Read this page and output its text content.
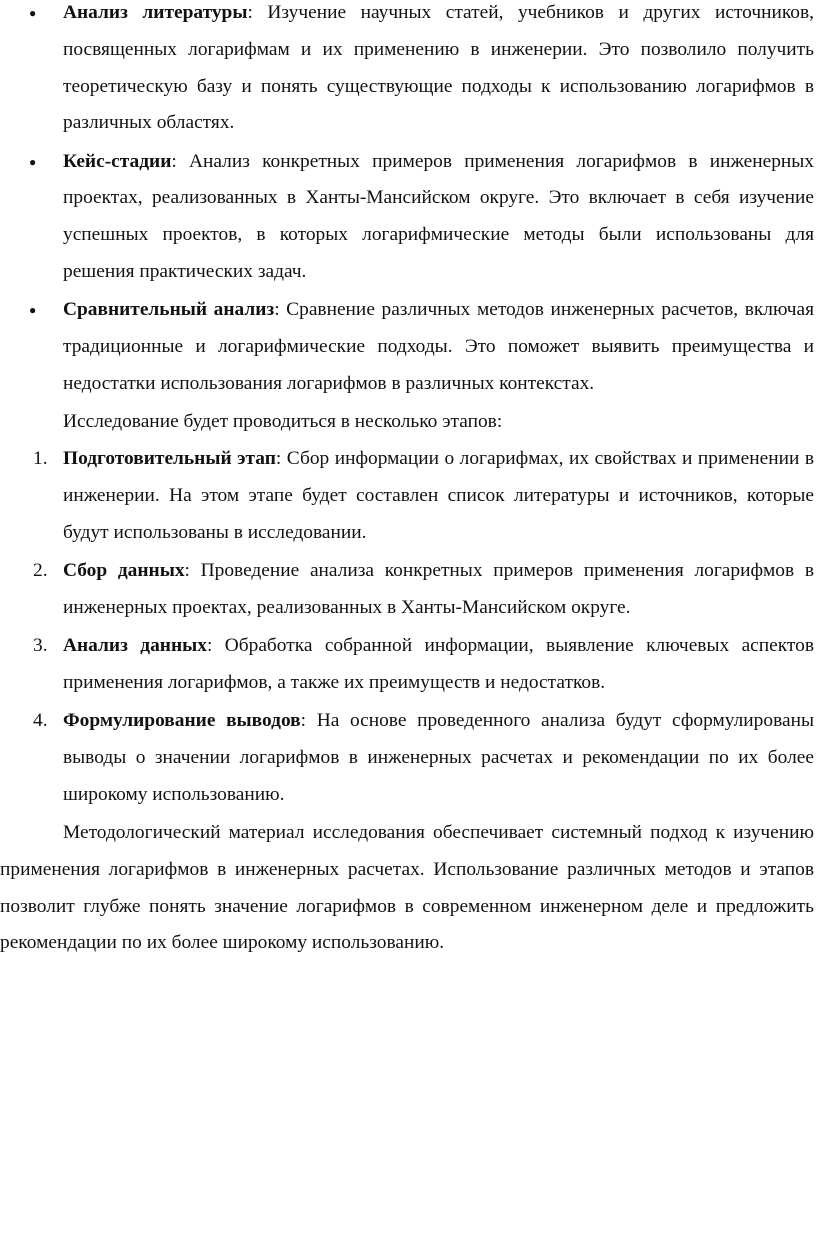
● Анализ литературы: Изучение научных статей, учебников и других источников, посвященных логарифмам и их применению в инженерии. Это позволило получить теоретическую базу и понять существующие подходы к использованию логарифмов в различных областях.
● Кейс-стадии: Анализ конкретных примеров применения логарифмов в инженерных проектах, реализованных в Ханты-Мансийском округе. Это включает в себя изучение успешных проектов, в которых логарифмические методы были использованы для решения практических задач.
● Сравнительный анализ: Сравнение различных методов инженерных расчетов, включая традиционные и логарифмические подходы. Это поможет выявить преимущества и недостатки использования логарифмов в различных контекстах.

Исследование будет проводиться в несколько этапов:

1. Подготовительный этап: Сбор информации о логарифмах, их свойствах и применении в инженерии. На этом этапе будет составлен список литературы и источников, которые будут использованы в исследовании.
2. Сбор данных: Проведение анализа конкретных примеров применения логарифмов в инженерных проектах, реализованных в Ханты-Мансийском округе.
3. Анализ данных: Обработка собранной информации, выявление ключевых аспектов применения логарифмов, а также их преимуществ и недостатков.
4. Формулирование выводов: На основе проведенного анализа будут сформулированы выводы о значении логарифмов в инженерных расчетах и рекомендации по их более широкому использованию.

Методологический материал исследования обеспечивает системный подход к изучению применения логарифмов в инженерных расчетах. Использование различных методов и этапов позволит глубже понять значение логарифмов в современном инженерном деле и предложить рекомендации по их более широкому использованию.
